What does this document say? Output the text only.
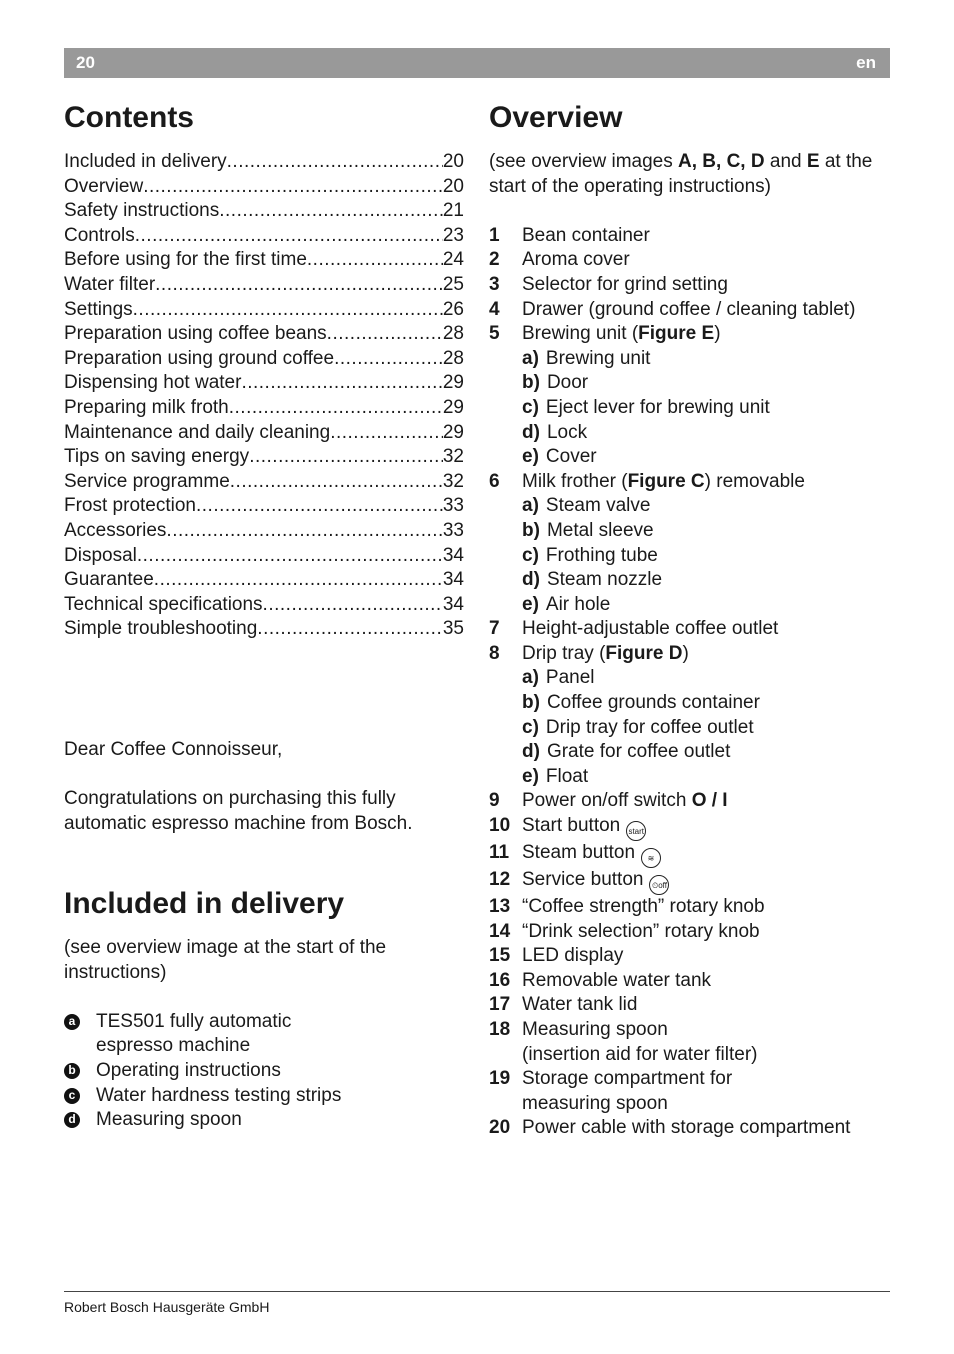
20	en
Contents
Included in delivery .....	20
Overview .....	20
Safety instructions .....	21
Controls .....	23
Before using for the first time .....	24
Water filter .....	25
Settings .....	26
Preparation using coffee beans .....	28
Preparation using ground coffee .....	28
Dispensing hot water .....	29
Preparing milk froth .....	29
Maintenance and daily cleaning .....	29
Tips on saving energy .....	32
Service programme .....	32
Frost protection .....	33
Accessories .....	33
Disposal .....	34
Guarantee .....	34
Technical specifications .....	34
Simple troubleshooting .....	35

Dear Coffee Connoisseur,

Congratulations on purchasing this fully automatic espresso machine from Bosch.

Included in delivery

(see overview image at the start of the instructions)

a TES501 fully automatic
espresso machine
b Operating instructions
c Water hardness testing strips
d Measuring spoon
Overview

(see overview images A, B, C, D and E at the start of the operating instructions)

1	Bean container
2	Aroma cover
3	Selector for grind setting
4	Drawer (ground coffee / cleaning tablet)
5	Brewing unit (Figure E)
a) Brewing unit
b) Door
c) Eject lever for brewing unit
d) Lock
e) Cover
6	Milk frother (Figure C) removable
a) Steam valve
b) Metal sleeve
c) Frothing tube
d) Steam nozzle
e) Air hole
7	Height-adjustable coffee outlet
8	Drip tray (Figure D)
a) Panel
b) Coffee grounds container
c) Drip tray for coffee outlet
d) Grate for coffee outlet
e) Float
9	Power on/off switch O / I
10 Start button start
11 Steam button ≋
12 Service button ⏲off
13 “Coffee strength” rotary knob
14 “Drink selection” rotary knob
15 LED display
16 Removable water tank
17 Water tank lid
18 Measuring spoon
(insertion aid for water filter)
19 Storage compartment for
measuring spoon
20 Power cable with storage compartment
Robert Bosch Hausgeräte GmbH
